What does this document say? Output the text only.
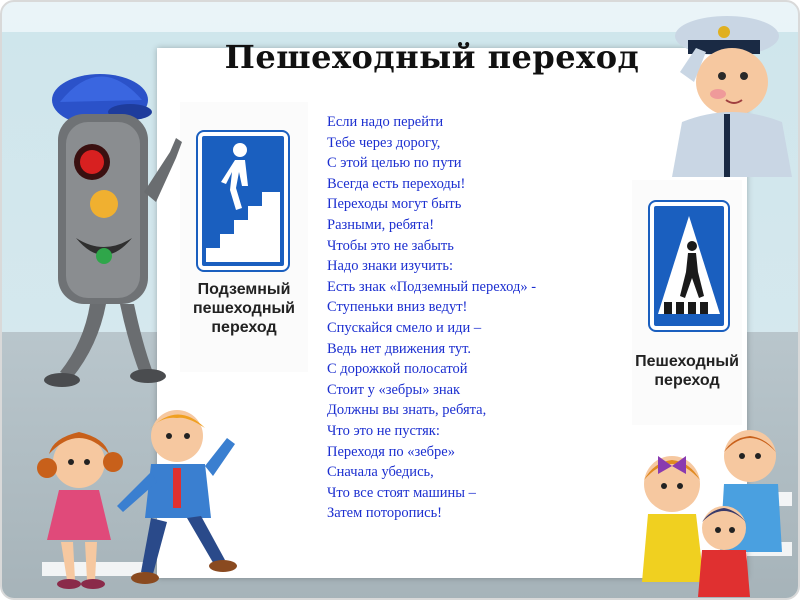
Пешеходный переход
Если надо перейти
Тебе через дорогу,
С этой целью по пути
Всегда есть переходы!
Переходы могут быть
Разными, ребята!
Чтобы это не забыть
Надо знаки изучить:
Есть знак «Подземный переход» -
Ступеньки вниз ведут!
Спускайся смело и иди –
Ведь нет движения тут.
С дорожкой полосатой
Стоит у «зебры» знак
Должны вы знать, ребята,
Что это не пустяк:
Переходя по «зебре»
Сначала убедись,
Что все стоят машины –
Затем поторопись!
Подземный
пешеходный
переход
Пешеходный
переход
